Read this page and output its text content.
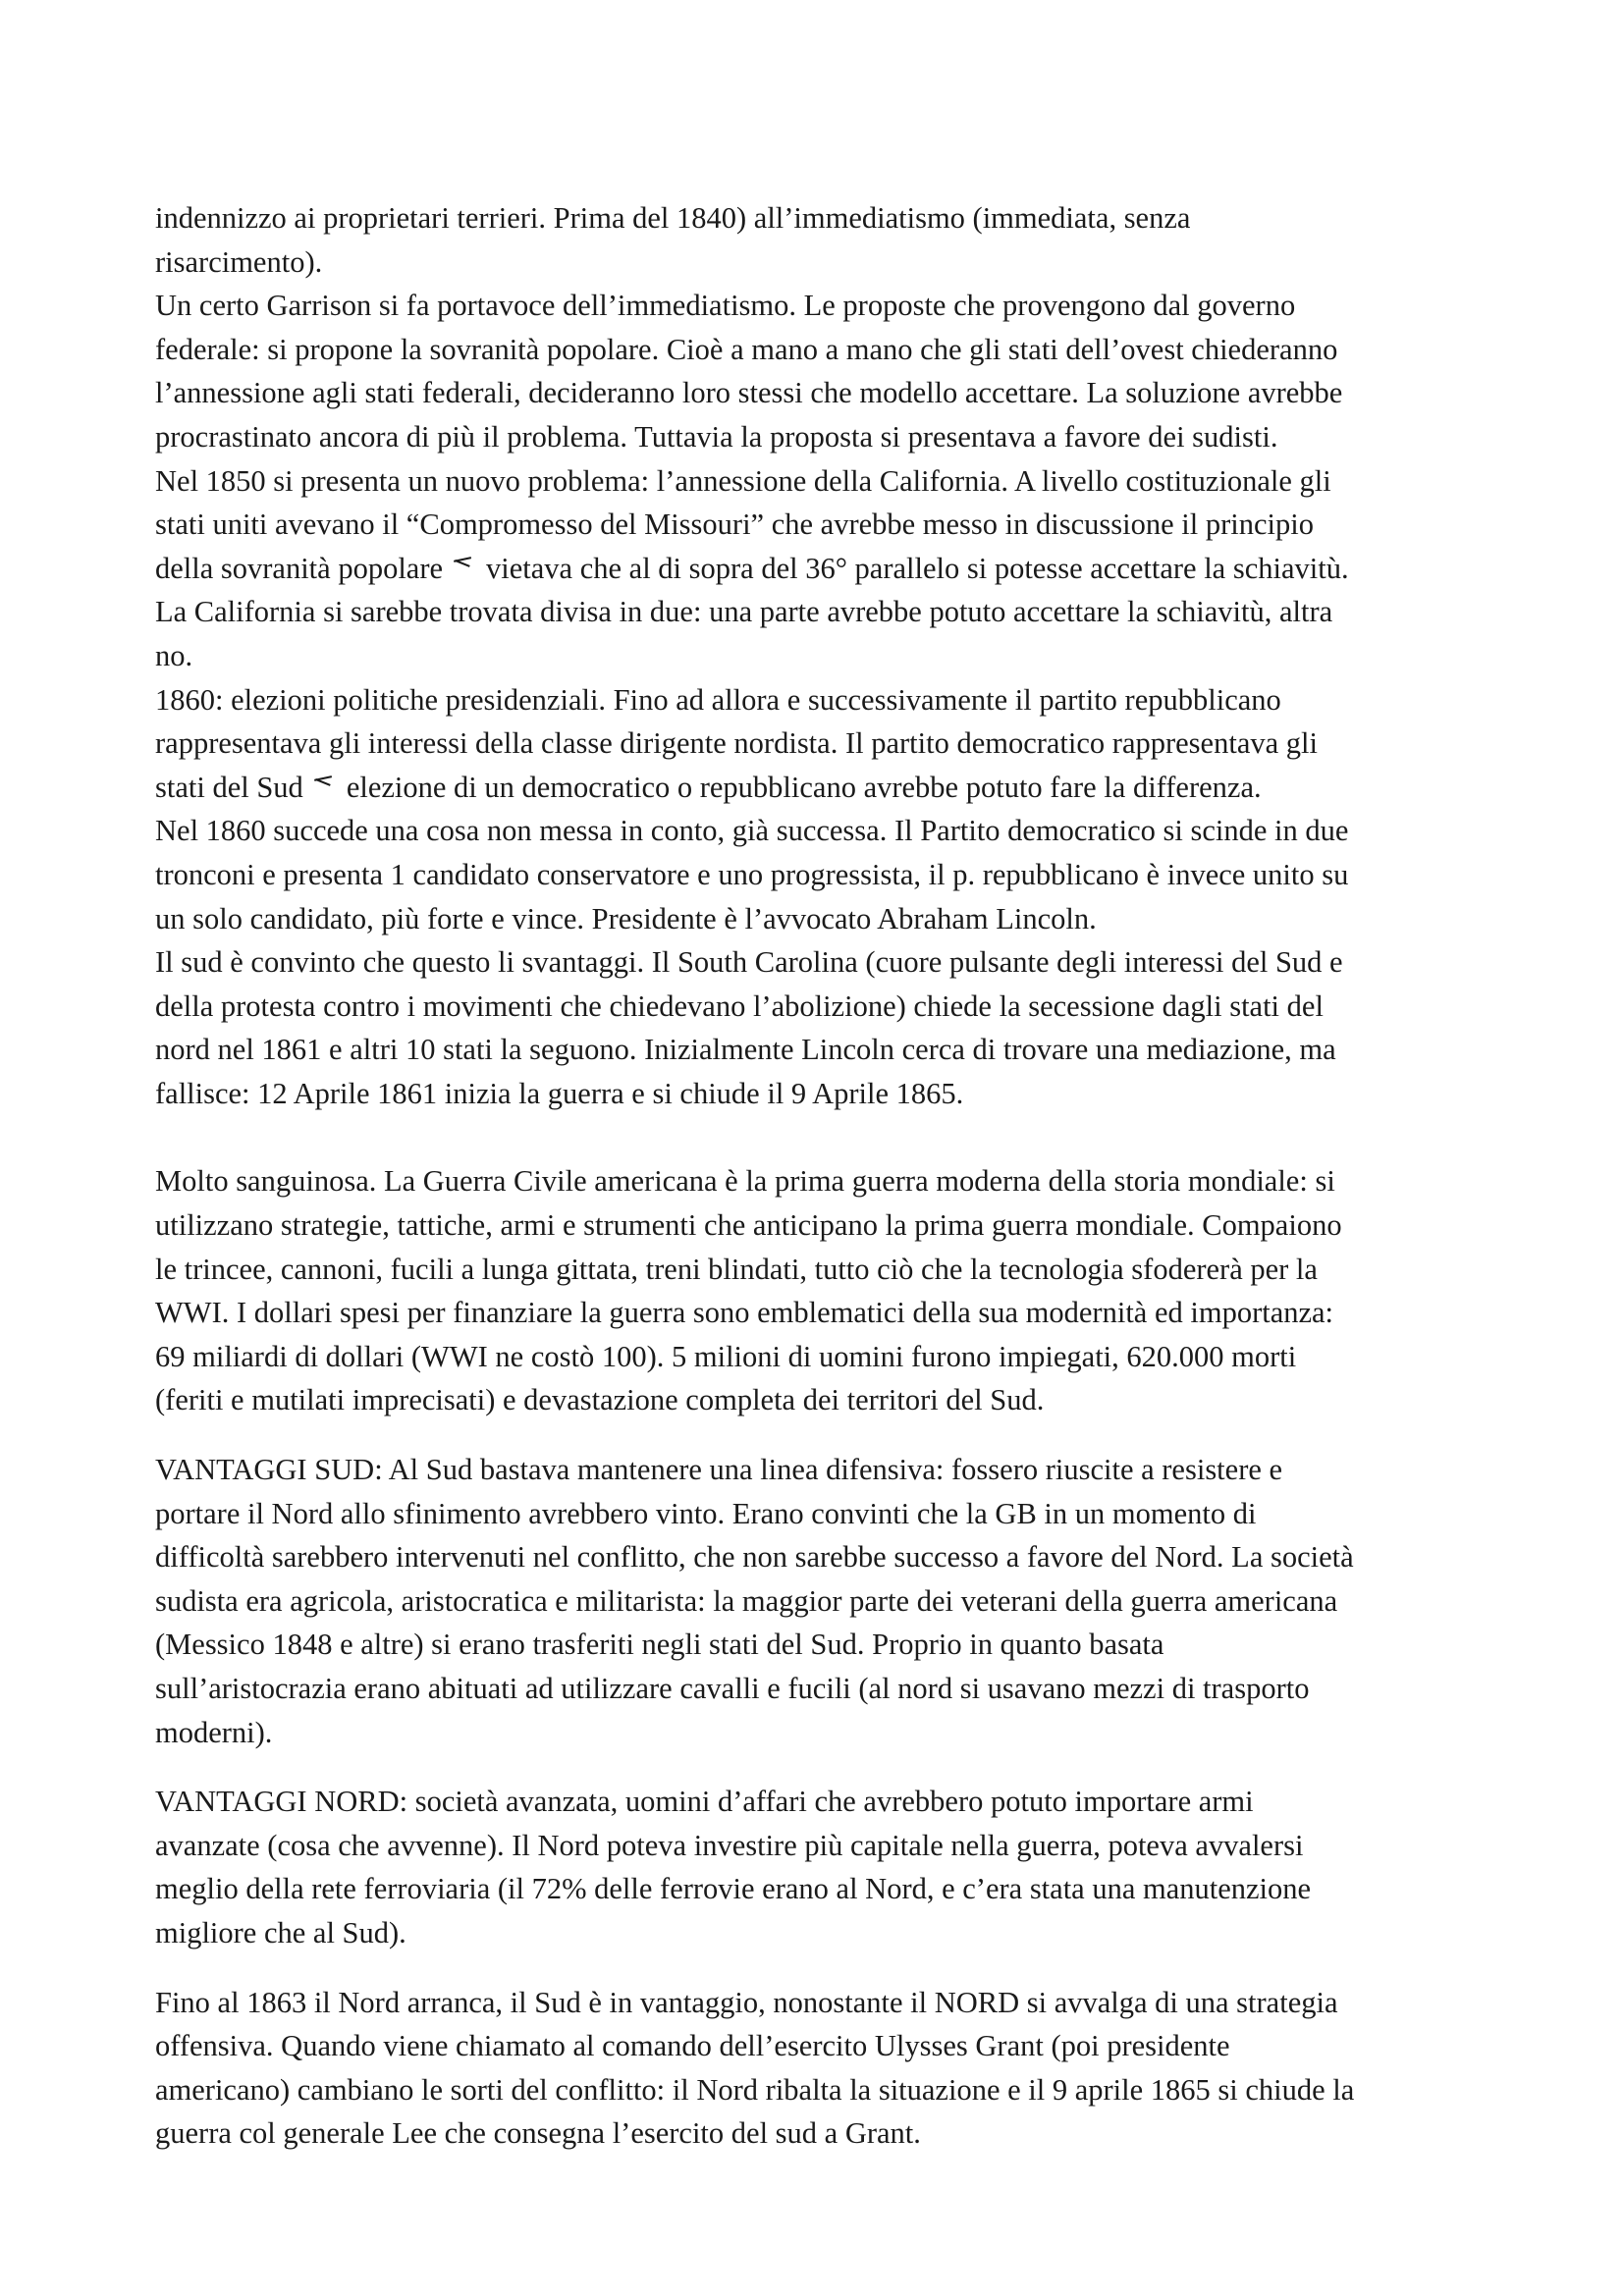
indennizzo ai proprietari terrieri. Prima del 1840) all’immediatismo (immediata, senza
risarcimento).
Un certo Garrison si fa portavoce dell’immediatismo. Le proposte che provengono dal governo
federale: si propone la sovranità popolare. Cioè a mano a mano che gli stati dell’ovest chiederanno
l’annessione agli stati federali, decideranno loro stessi che modello accettare. La soluzione avrebbe
procrastinato ancora di più il problema. Tuttavia la proposta si presentava a favore dei sudisti.
Nel 1850 si presenta un nuovo problema: l’annessione della California. A livello costituzionale gli
stati uniti avevano il “Compromesso del Missouri” che avrebbe messo in discussione il principio
della sovranità popolare vietava che al di sopra del 36° parallelo si potesse accettare la schiavitù.
La California si sarebbe trovata divisa in due: una parte avrebbe potuto accettare la schiavitù, altra
no.
1860: elezioni politiche presidenziali. Fino ad allora e successivamente il partito repubblicano
rappresentava gli interessi della classe dirigente nordista. Il partito democratico rappresentava gli
stati del Sud elezione di un democratico o repubblicano avrebbe potuto fare la differenza.
Nel 1860 succede una cosa non messa in conto, già successa. Il Partito democratico si scinde in due
tronconi e presenta 1 candidato conservatore e uno progressista, il p. repubblicano è invece unito su
un solo candidato, più forte e vince. Presidente è l’avvocato Abraham Lincoln.
Il sud è convinto che questo li svantaggi. Il South Carolina (cuore pulsante degli interessi del Sud e
della protesta contro i movimenti che chiedevano l’abolizione) chiede la secessione dagli stati del
nord nel 1861 e altri 10 stati la seguono. Inizialmente Lincoln cerca di trovare una mediazione, ma
fallisce: 12 Aprile 1861 inizia la guerra e si chiude il 9 Aprile 1865.
Molto sanguinosa. La Guerra Civile americana è la prima guerra moderna della storia mondiale: si
utilizzano strategie, tattiche, armi e strumenti che anticipano la prima guerra mondiale. Compaiono
le trincee, cannoni, fucili a lunga gittata, treni blindati, tutto ciò che la tecnologia sfodererà per la
WWI. I dollari spesi per finanziare la guerra sono emblematici della sua modernità ed importanza:
69 miliardi di dollari (WWI ne costò 100). 5 milioni di uomini furono impiegati, 620.000 morti
(feriti e mutilati imprecisati) e devastazione completa dei territori del Sud.
VANTAGGI SUD: Al Sud bastava mantenere una linea difensiva: fossero riuscite a resistere e
portare il Nord allo sfinimento avrebbero vinto. Erano convinti che la GB in un momento di
difficoltà sarebbero intervenuti nel conflitto, che non sarebbe successo a favore del Nord. La società
sudista era agricola, aristocratica e militarista: la maggior parte dei veterani della guerra americana
(Messico 1848 e altre) si erano trasferiti negli stati del Sud. Proprio in quanto basata
sull’aristocrazia erano abituati ad utilizzare cavalli e fucili (al nord si usavano mezzi di trasporto
moderni).
VANTAGGI NORD: società avanzata, uomini d’affari che avrebbero potuto importare armi
avanzate (cosa che avvenne). Il Nord poteva investire più capitale nella guerra, poteva avvalersi
meglio della rete ferroviaria (il 72% delle ferrovie erano al Nord, e c’era stata una manutenzione
migliore che al Sud).
Fino al 1863 il Nord arranca, il Sud è in vantaggio, nonostante il NORD si avvalga di una strategia
offensiva. Quando viene chiamato al comando dell’esercito Ulysses Grant (poi presidente
americano) cambiano le sorti del conflitto: il Nord ribalta la situazione e il 9 aprile 1865 si chiude la
guerra col generale Lee che consegna l’esercito del sud a Grant.
